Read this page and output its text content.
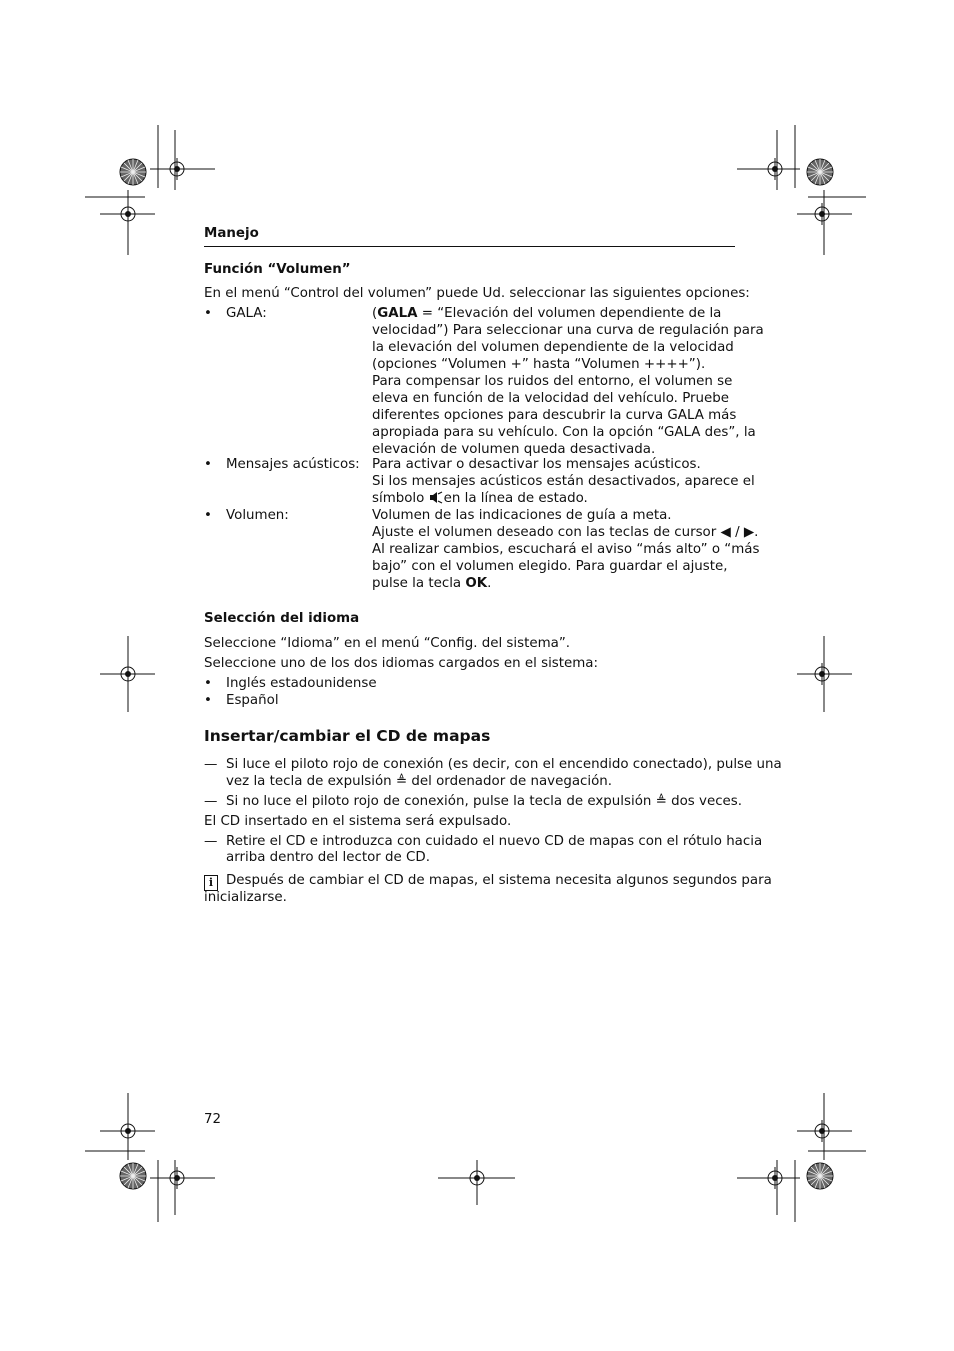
Manejo
Función “Volumen”
En el menú “Control del volumen” puede Ud. seleccionar las siguientes opciones:
• GALA:	(GALA = “Elevación del volumen dependiente de la
velocidad”) Para seleccionar una curva de regulación para
la elevación del volumen dependiente de la velocidad
(opciones “Volumen +” hasta “Volumen ++++”).
Para compensar los ruidos del entorno, el volumen se
eleva en función de la velocidad del vehículo. Pruebe
diferentes opciones para descubrir la curva GALA más
apropiada para su vehículo. Con la opción “GALA des”, la
elevación de volumen queda desactivada.
• Mensajes acústicos: Para activar o desactivar los mensajes acústicos.
Si los mensajes acústicos están desactivados, aparece el
símbolo en la línea de estado.
• Volumen:	Volumen de las indicaciones de guía a meta.
Ajuste el volumen deseado con las teclas de cursor ◀ / ▶.
Al realizar cambios, escuchará el aviso “más alto” o “más
bajo” con el volumen elegido. Para guardar el ajuste,
pulse la tecla OK.
Selección del idioma
Seleccione “Idioma” en el menú “Config. del sistema”.
Seleccione uno de los dos idiomas cargados en el sistema:
• Inglés estadounidense
• Español
Insertar/cambiar el CD de mapas
— Si luce el piloto rojo de conexión (es decir, con el encendido conectado), pulse una
vez la tecla de expulsión ≜ del ordenador de navegación.
— Si no luce el piloto rojo de conexión, pulse la tecla de expulsión ≜ dos veces.
El CD insertado en el sistema será expulsado.
— Retire el CD e introduzca con cuidado el nuevo CD de mapas con el rótulo hacia
arriba dentro del lector de CD.
i Después de cambiar el CD de mapas, el sistema necesita algunos segundos para
inicializarse.
72
